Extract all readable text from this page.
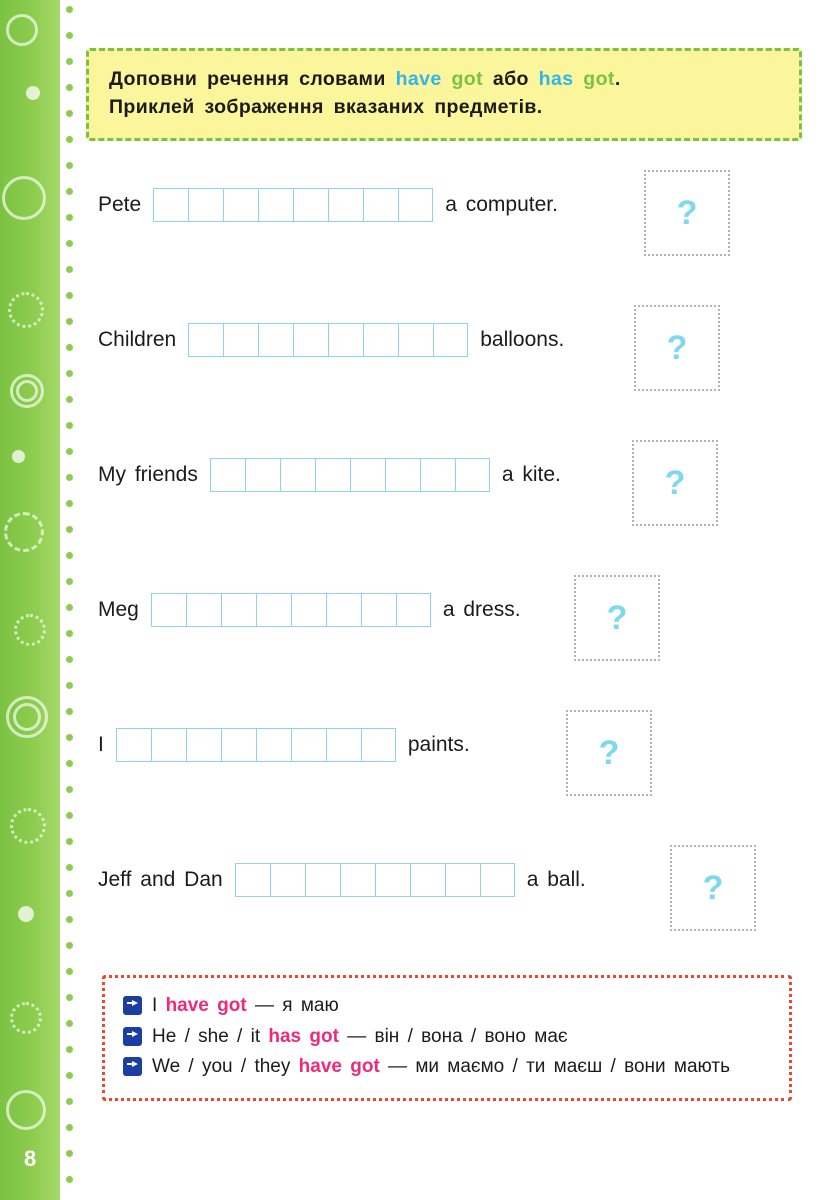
8

Доповни речення словами have got або has got.

Приклей зображення вказаних предметів.

Pete	a computer.	?
Children	balloons.	?
My friends	a kite.	?
Meg	a dress.	?
I	paints.	?
Jeff and Dan	a ball.	?
I have got — я маю
He / she / it has got — він / вона / воно має
We / you / they have got — ми маємо / ти маєш / вони мають
